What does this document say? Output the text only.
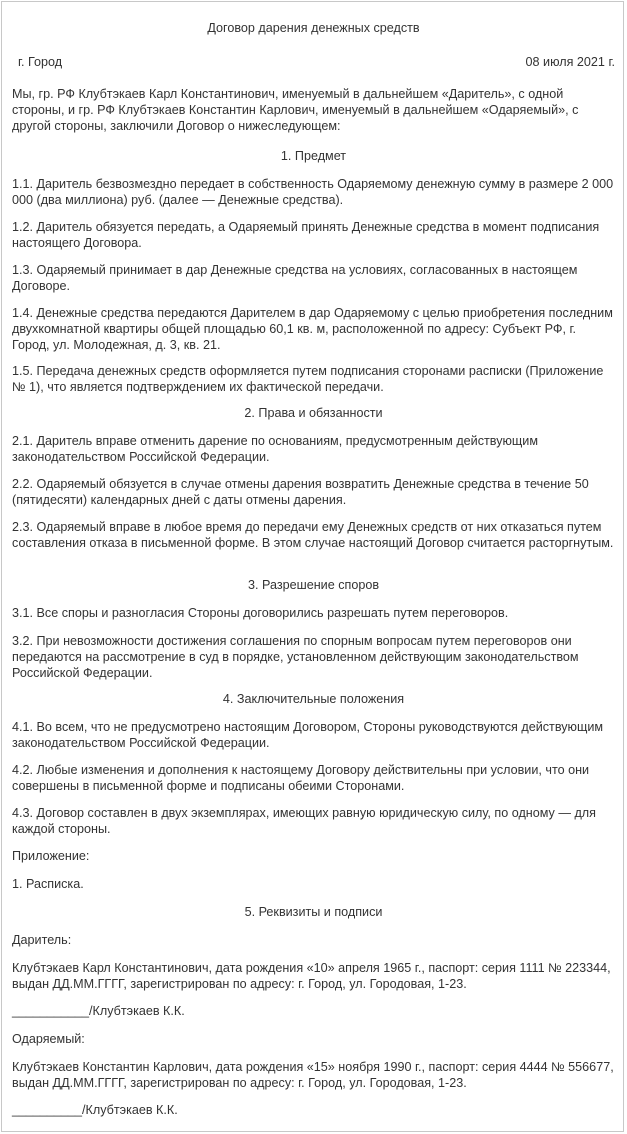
Договор дарения денежных средств
г. Город	08 июля 2021 г.

Мы, гр. РФ Клубтэкаев Карл Константинович, именуемый в дальнейшем «Даритель», с одной стороны, и гр. РФ Клубтэкаев Константин Карлович, именуемый в дальнейшем «Одаряемый», с другой стороны, заключили Договор о нижеследующем:

1. Предмет

1.1. Даритель безвозмездно передает в собственность Одаряемому денежную сумму в размере 2 000 000 (два миллиона) руб. (далее — Денежные средства).

1.2. Даритель обязуется передать, а Одаряемый принять Денежные средства в момент подписания настоящего Договора.

1.3. Одаряемый принимает в дар Денежные средства на условиях, согласованных в настоящем Договоре.

1.4. Денежные средства передаются Дарителем в дар Одаряемому с целью приобретения последним двухкомнатной квартиры общей площадью 60,1 кв. м, расположенной по адресу: Субъект РФ, г. Город, ул. Молодежная, д. 3, кв. 21.

1.5. Передача денежных средств оформляется путем подписания сторонами расписки (Приложение № 1), что является подтверждением их фактической передачи.

2. Права и обязанности

2.1. Даритель вправе отменить дарение по основаниям, предусмотренным действующим законодательством Российской Федерации.

2.2. Одаряемый обязуется в случае отмены дарения возвратить Денежные средства в течение 50 (пятидесяти) календарных дней с даты отмены дарения.

2.3. Одаряемый вправе в любое время до передачи ему Денежных средств от них отказаться путем составления отказа в письменной форме. В этом случае настоящий Договор считается расторгнутым.

3. Разрешение споров

3.1. Все споры и разногласия Стороны договорились разрешать путем переговоров.

3.2. При невозможности достижения соглашения по спорным вопросам путем переговоров они передаются на рассмотрение в суд в порядке, установленном действующим законодательством Российской Федерации.

4. Заключительные положения

4.1. Во всем, что не предусмотрено настоящим Договором, Стороны руководствуются действующим законодательством Российской Федерации.

4.2. Любые изменения и дополнения к настоящему Договору действительны при условии, что они совершены в письменной форме и подписаны обеими Сторонами.

4.3. Договор составлен в двух экземплярах, имеющих равную юридическую силу, по одному — для каждой стороны.

Приложение:
1. Расписка.
5. Реквизиты и подписи
Даритель:

Клубтэкаев Карл Константинович, дата рождения «10» апреля 1965 г., паспорт: серия 1111 № 223344, выдан ДД.ММ.ГГГГ, зарегистрирован по адресу: г. Город, ул. Городовая, 1-23.

___________/Клубтэкаев К.К.
Одаряемый:

Клубтэкаев Константин Карлович, дата рождения «15» ноября 1990 г., паспорт: серия 4444 № 556677, выдан ДД.ММ.ГГГГ, зарегистрирован по адресу: г. Город, ул. Городовая, 1-23.

__________/Клубтэкаев К.К.
